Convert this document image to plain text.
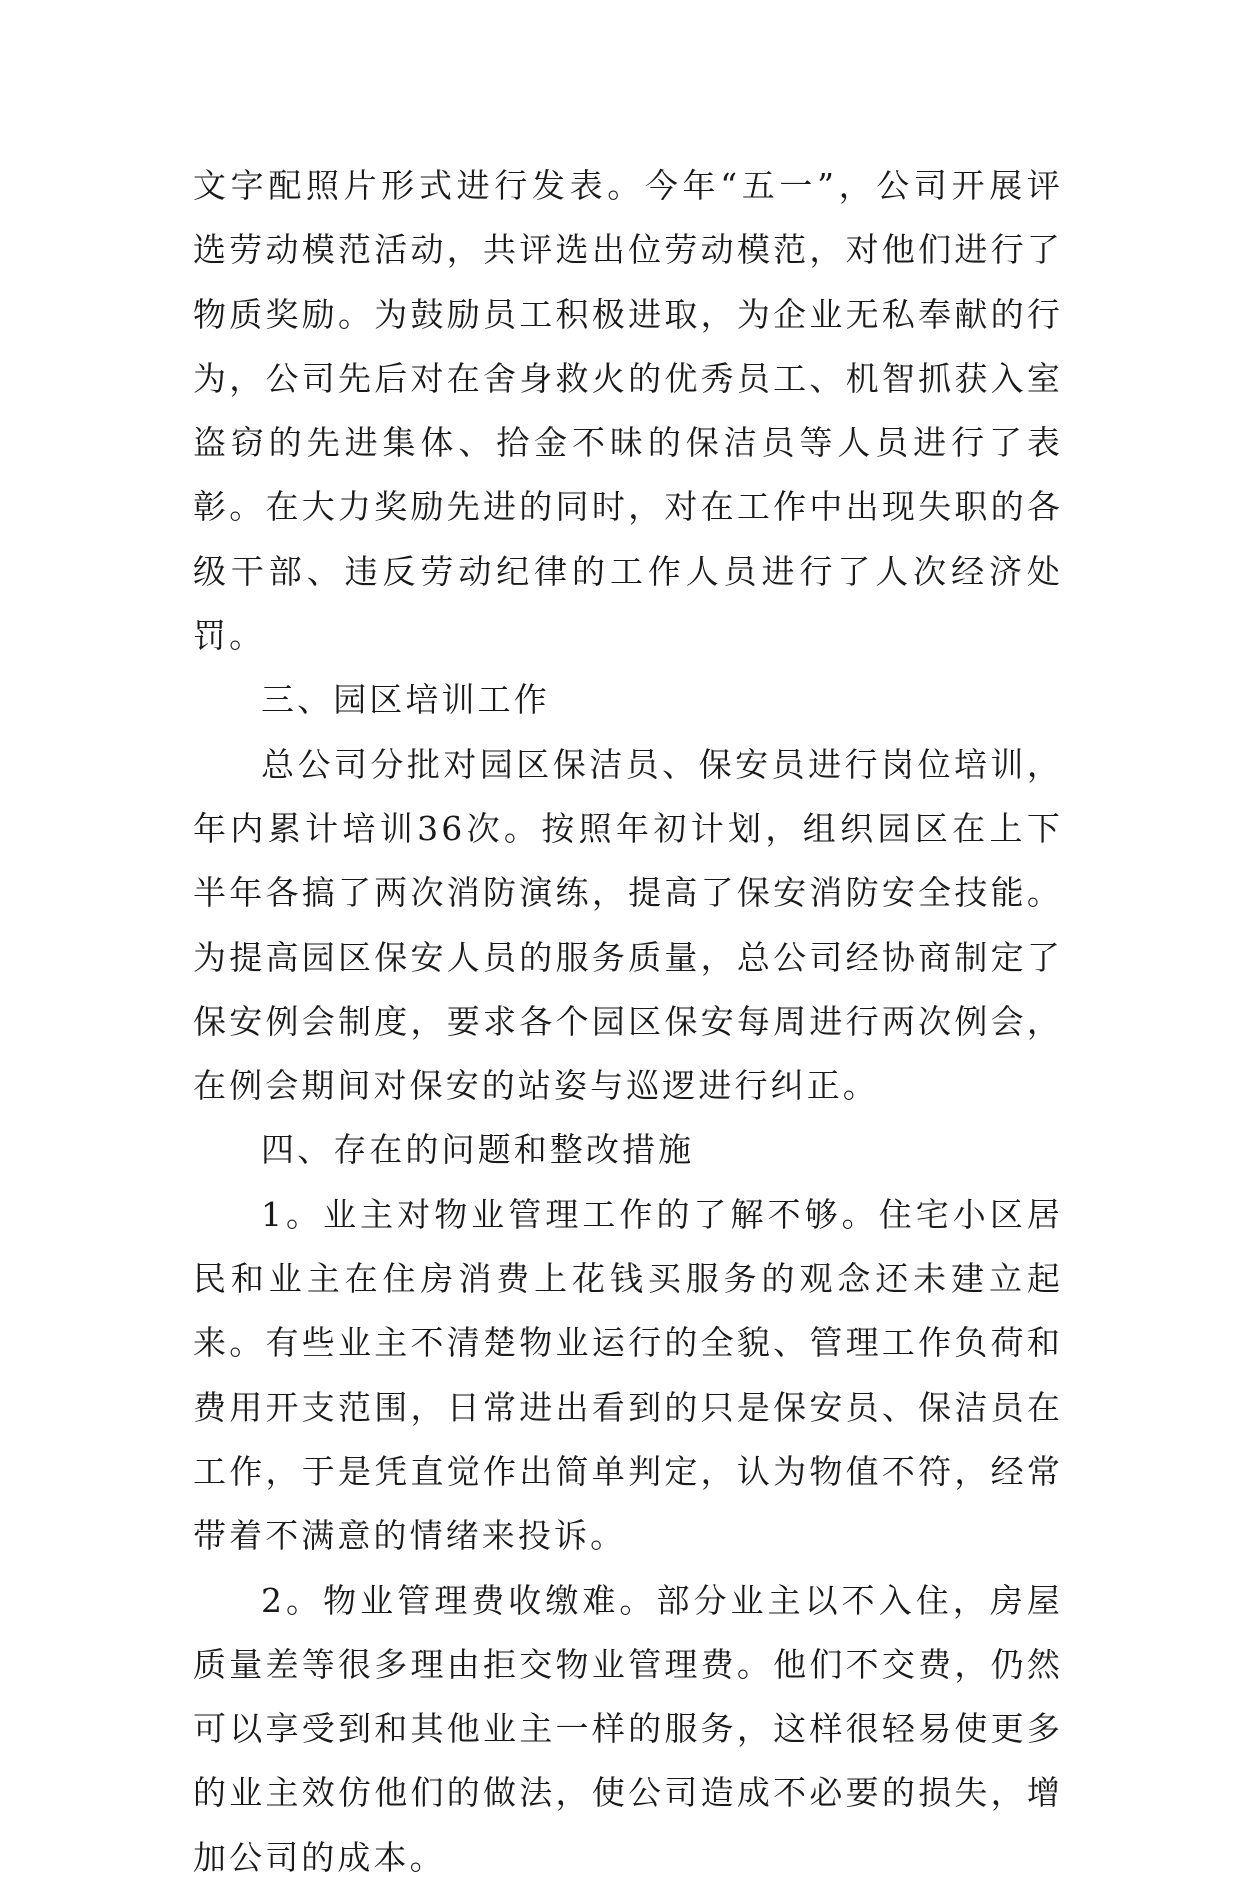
文字配照片形式进行发表。今年“五一”，公司开展评选劳动模范活动，共评选出位劳动模范，对他们进行了物质奖励。为鼓励员工积极进取，为企业无私奉献的行为，公司先后对在舍身救火的优秀员工、机智抓获入室盗窃的先进集体、拾金不昧的保洁员等人员进行了表彰。在大力奖励先进的同时，对在工作中出现失职的各级干部、违反劳动纪律的工作人员进行了人次经济处罚。

三、园区培训工作

总公司分批对园区保洁员、保安员进行岗位培训，年内累计培训36次。按照年初计划，组织园区在上下半年各搞了两次消防演练，提高了保安消防安全技能。为提高园区保安人员的服务质量，总公司经协商制定了保安例会制度，要求各个园区保安每周进行两次例会，在例会期间对保安的站姿与巡逻进行纠正。

四、存在的问题和整改措施

1。业主对物业管理工作的了解不够。住宅小区居民和业主在住房消费上花钱买服务的观念还未建立起来。有些业主不清楚物业运行的全貌、管理工作负荷和费用开支范围，日常进出看到的只是保安员、保洁员在工作，于是凭直觉作出简单判定，认为物值不符，经常带着不满意的情绪来投诉。

2。物业管理费收缴难。部分业主以不入住，房屋质量差等很多理由拒交物业管理费。他们不交费，仍然可以享受到和其他业主一样的服务，这样很轻易使更多的业主效仿他们的做法，使公司造成不必要的损失，增加公司的成本。
